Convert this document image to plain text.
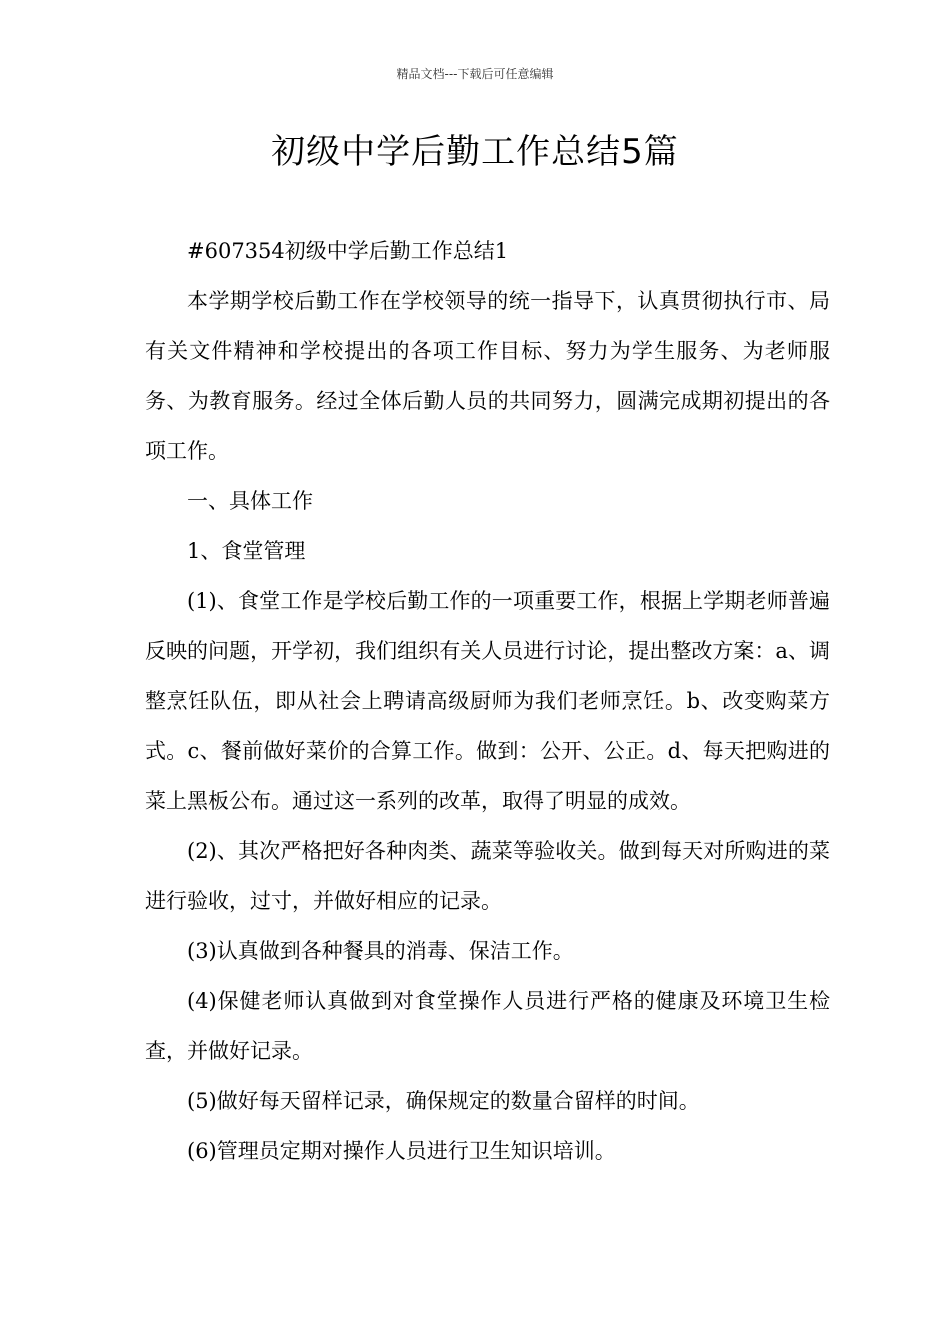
精品文档---下载后可任意编辑
初级中学后勤工作总结5篇

#607354初级中学后勤工作总结1

本学期学校后勤工作在学校领导的统一指导下，认真贯彻执行市、局有关文件精神和学校提出的各项工作目标、努力为学生服务、为老师服务、为教育服务。经过全体后勤人员的共同努力，圆满完成期初提出的各项工作。

一、具体工作

1、食堂管理

(1)、食堂工作是学校后勤工作的一项重要工作，根据上学期老师普遍反映的问题，开学初，我们组织有关人员进行讨论，提出整改方案：a、调整烹饪队伍，即从社会上聘请高级厨师为我们老师烹饪。b、改变购菜方式。c、餐前做好菜价的合算工作。做到：公开、公正。d、每天把购进的菜上黑板公布。通过这一系列的改革，取得了明显的成效。

(2)、其次严格把好各种肉类、蔬菜等验收关。做到每天对所购进的菜进行验收，过寸，并做好相应的记录。

(3)认真做到各种餐具的消毒、保洁工作。

(4)保健老师认真做到对食堂操作人员进行严格的健康及环境卫生检查，并做好记录。

(5)做好每天留样记录，确保规定的数量合留样的时间。

(6)管理员定期对操作人员进行卫生知识培训。
